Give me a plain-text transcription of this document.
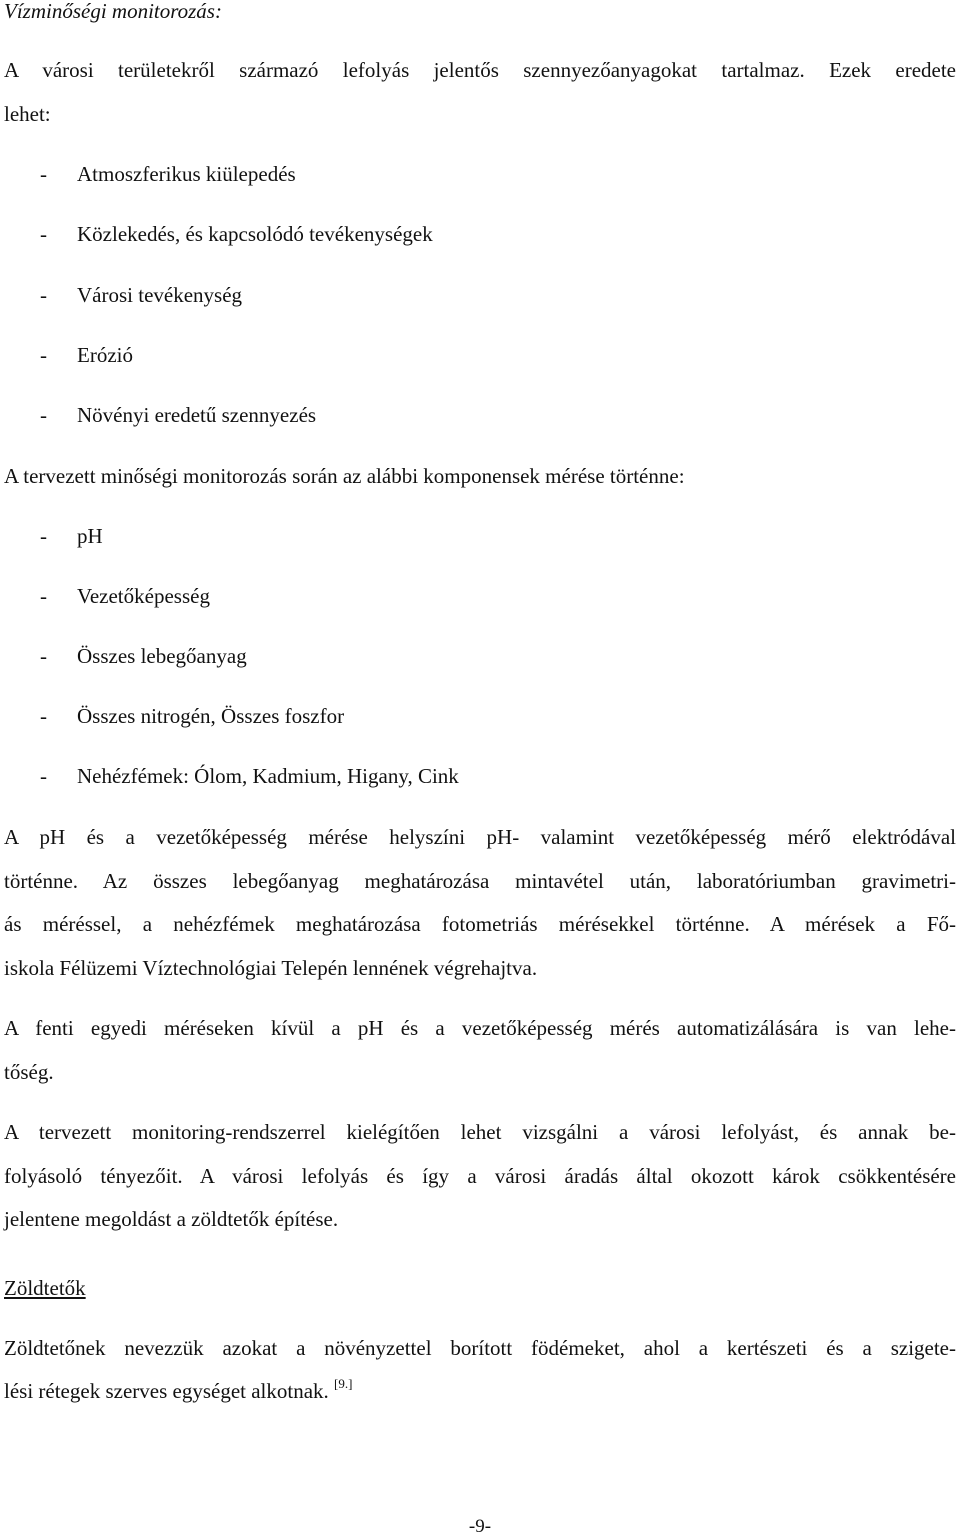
Vízminőségi monitorozás:
A városi területekről származó lefolyás jelentős szennyezőanyagokat tartalmaz. Ezek eredete
lehet:
- Atmoszferikus kiülepedés
- Közlekedés, és kapcsolódó tevékenységek
- Városi tevékenység
- Erózió
- Növényi eredetű szennyezés
A tervezett minőségi monitorozás során az alábbi komponensek mérése történne:
- pH
- Vezetőképesség
- Összes lebegőanyag
- Összes nitrogén, Összes foszfor
- Nehézfémek: Ólom, Kadmium, Higany, Cink
A pH és a vezetőképesség mérése helyszíni pH- valamint vezetőképesség mérő elektródával
történne. Az összes lebegőanyag meghatározása mintavétel után, laboratóriumban gravimetri-
ás méréssel, a nehézfémek meghatározása fotometriás mérésekkel történne. A mérések a Fő-
iskola Félüzemi Víztechnológiai Telepén lennének végrehajtva.
A fenti egyedi méréseken kívül a pH és a vezetőképesség mérés automatizálására is van lehe-
tőség.
A tervezett monitoring-rendszerrel kielégítően lehet vizsgálni a városi lefolyást, és annak be-
folyásoló tényezőit. A városi lefolyás és így a városi áradás által okozott károk csökkentésére
jelentene megoldást a zöldtetők építése.
Zöldtetők
Zöldtetőnek nevezzük azokat a növényzettel borított födémeket, ahol a kertészeti és a szigete-
lési rétegek szerves egységet alkotnak. [9.]
-9-
